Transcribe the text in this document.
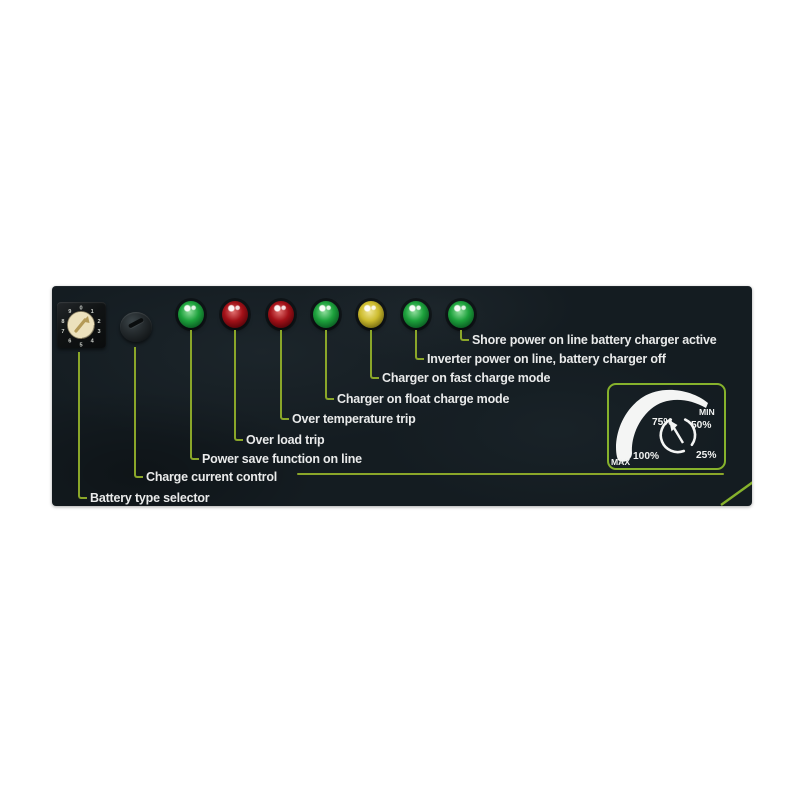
0
1
2
3
4
5
6
7
8
9
Battery type selector
Charge current control
Power save function on line
Over load trip
Over temperature trip
Charger on float charge mode
Charger on fast charge mode
Inverter power on line, battery charger off
Shore power on line battery charger active
MAX 100%
75%
MIN
50%
25%
